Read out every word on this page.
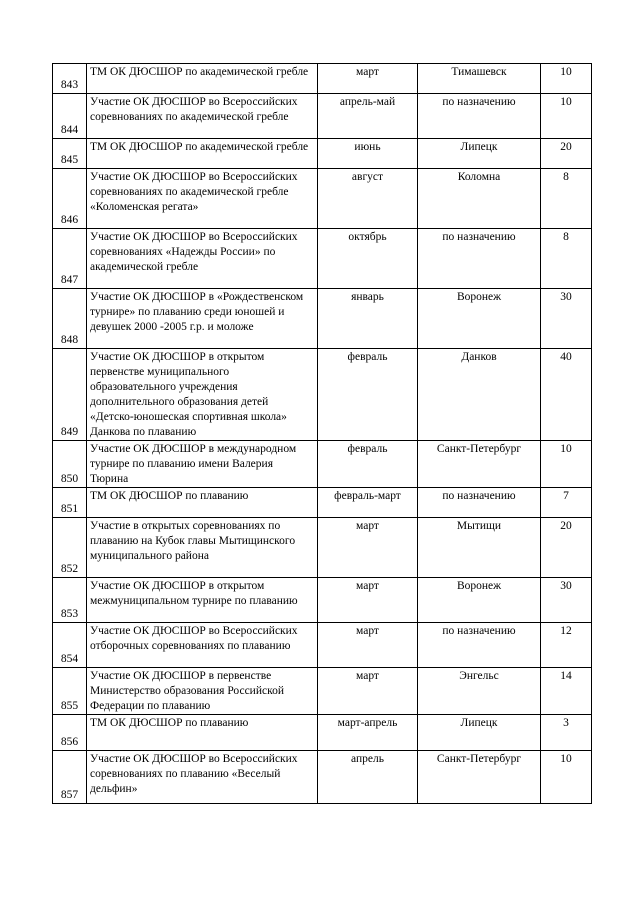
843	ТМ ОК ДЮСШОР по академической гребле	март	Тимашевск	10
844	Участие ОК ДЮСШОР во Всероссийских соревнованиях по академической гребле	апрель-май	по назначению	10
845	ТМ ОК ДЮСШОР по академической гребле	июнь	Липецк	20
846	Участие ОК ДЮСШОР во Всероссийских соревнованиях по академической гребле «Коломенская регата»	август	Коломна	8
847	Участие ОК ДЮСШОР во Всероссийских соревнованиях «Надежды России» по академической гребле	октябрь	по назначению	8
848	Участие ОК ДЮСШОР в «Рождественском турнире» по плаванию среди юношей и девушек 2000 -2005 г.р. и моложе	январь	Воронеж	30
849	Участие ОК ДЮСШОР в открытом первенстве муниципального образовательного учреждения дополнительного образования детей «Детско-юношеская спортивная школа» Данкова по плаванию	февраль	Данков	40
850	Участие ОК ДЮСШОР в международном турнире по плаванию имени Валерия Тюрина	февраль	Санкт-Петербург	10
851	ТМ ОК ДЮСШОР по плаванию	февраль-март	по назначению	7
852	Участие в открытых соревнованиях по плаванию на Кубок главы Мытищинского муниципального района	март	Мытищи	20
853	Участие ОК ДЮСШОР в открытом межмуниципальном турнире по плаванию	март	Воронеж	30
854	Участие ОК ДЮСШОР во Всероссийских отборочных соревнованиях по плаванию	март	по назначению	12
855	Участие ОК ДЮСШОР в первенстве Министерство образования Российской Федерации по плаванию	март	Энгельс	14
856	ТМ ОК ДЮСШОР по плаванию	март-апрель	Липецк	3
857	Участие ОК ДЮСШОР во Всероссийских соревнованиях по плаванию «Веселый дельфин»	апрель	Санкт-Петербург	10
